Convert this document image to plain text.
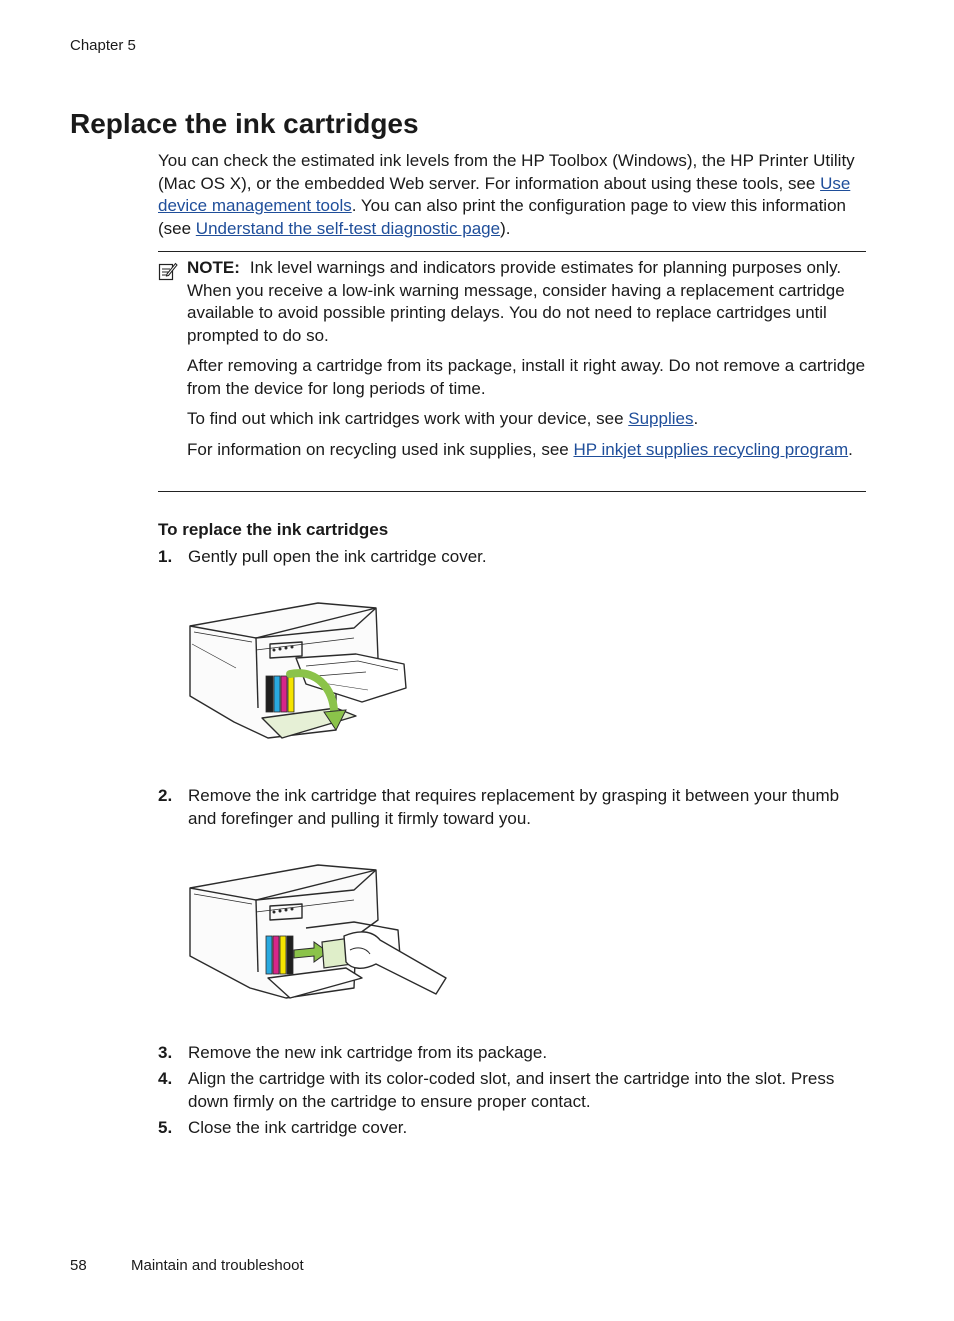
Chapter 5
Replace the ink cartridges

You can check the estimated ink levels from the HP Toolbox (Windows), the HP Printer Utility (Mac OS X), or the embedded Web server. For information about using these tools, see Use device management tools. You can also print the configuration page to view this information (see Understand the self-test diagnostic page).

NOTE: Ink level warnings and indicators provide estimates for planning purposes only. When you receive a low-ink warning message, consider having a replacement cartridge available to avoid possible printing delays. You do not need to replace cartridges until prompted to do so.

After removing a cartridge from its package, install it right away. Do not remove a cartridge from the device for long periods of time.

To find out which ink cartridges work with your device, see Supplies.

For information on recycling used ink supplies, see HP inkjet supplies recycling program.

To replace the ink cartridges
1. Gently pull open the ink cartridge cover.
2. Remove the ink cartridge that requires replacement by grasping it between your thumb and forefinger and pulling it firmly toward you.
3. Remove the new ink cartridge from its package.
4. Align the cartridge with its color-coded slot, and insert the cartridge into the slot. Press down firmly on the cartridge to ensure proper contact.
5. Close the ink cartridge cover.
58	Maintain and troubleshoot
